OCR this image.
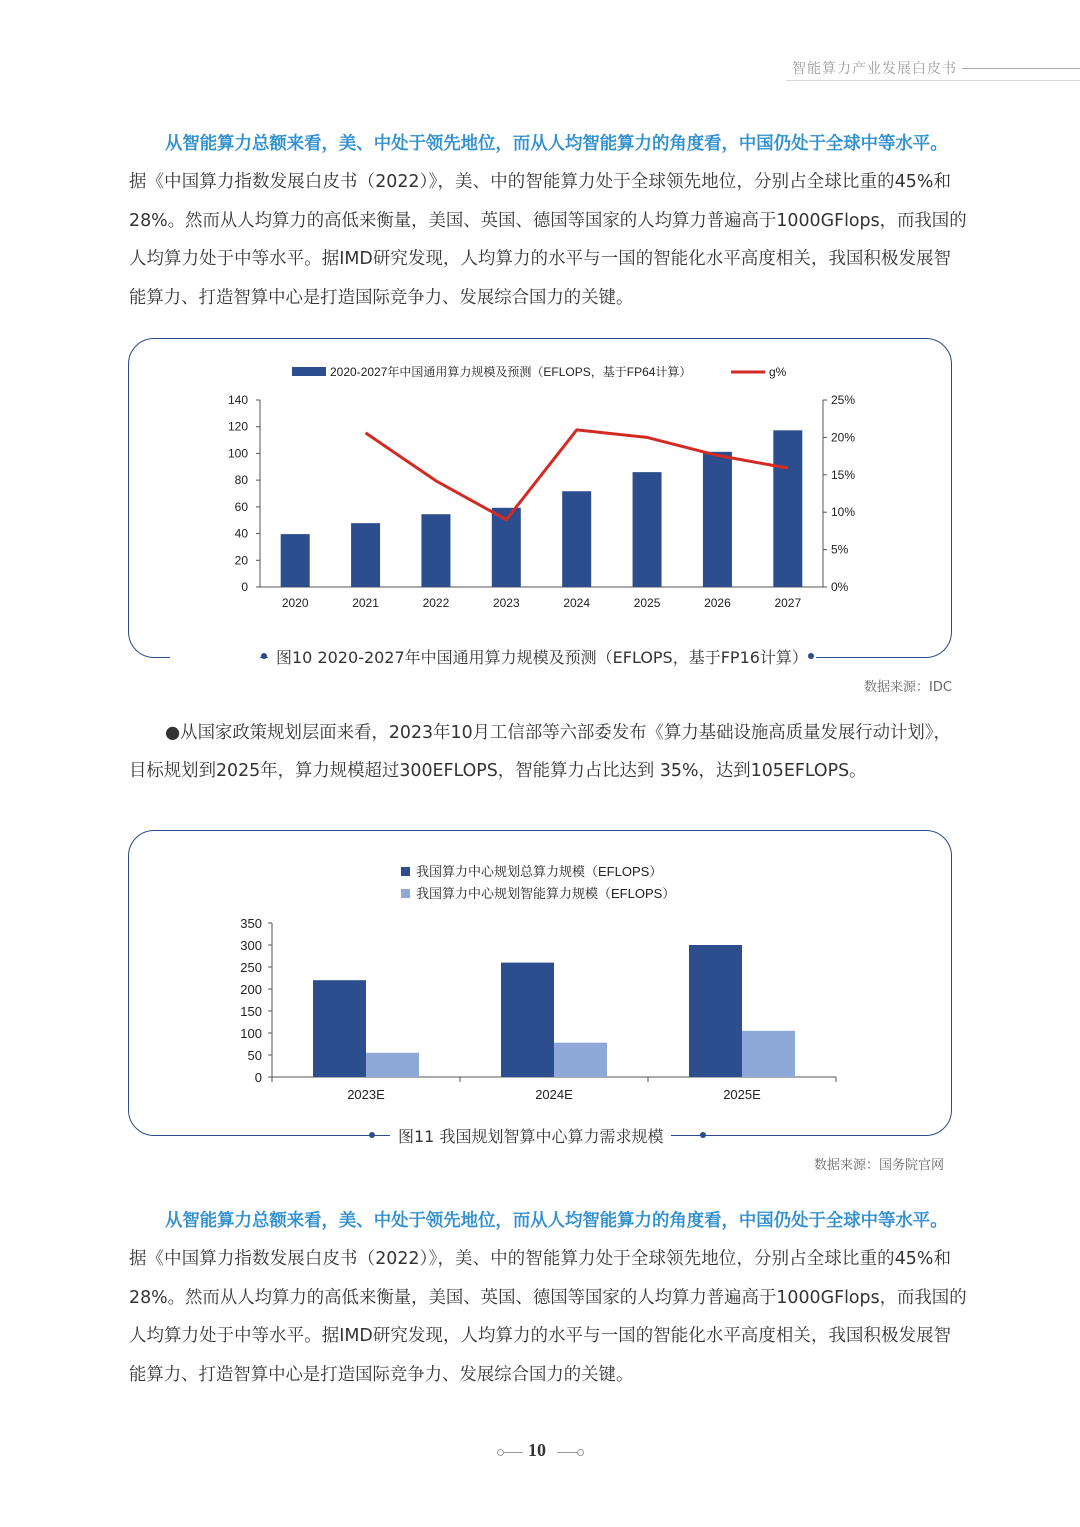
智能算力产业发展白皮书
从智能算力总额来看，美、中处于领先地位，而从人均智能算力的角度看，中国仍处于全球中等水平。
据《中国算力指数发展白皮书（2022）》，美、中的智能算力处于全球领先地位，分别占全球比重的45%和
28%。然而从人均算力的高低来衡量，美国、英国、德国等国家的人均算力普遍高于1000GFlops，而我国的
人均算力处于中等水平。据IMD研究发现，人均算力的水平与一国的智能化水平高度相关，我国积极发展智
能算力、打造智算中心是打造国际竞争力、发展综合国力的关键。
0
20
40
60
80
100
120
140
0%
5%
10%
15%
20%
25%
2020	2021	2022	2023	2024	2025	2026	2027
2020-2027年中国通用算力规模及预测（EFLOPS，基于FP64计算）	g%
图10 2020-2027年中国通用算力规模及预测（EFLOPS，基于FP16计算）
数据来源：IDC
●从国家政策规划层面来看，2023年10月工信部等六部委发布《算力基础设施高质量发展行动计划》，
目标规划到2025年，算力规模超过300EFLOPS，智能算力占比达到 35%，达到105EFLOPS。
0
50
100
150
200
250
300
350
2023E	2024E	2025E
我国算力中心规划总算力规模（EFLOPS）
我国算力中心规划智能算力规模（EFLOPS）
图11 我国规划智算中心算力需求规模
数据来源：国务院官网
从智能算力总额来看，美、中处于领先地位，而从人均智能算力的角度看，中国仍处于全球中等水平。
据《中国算力指数发展白皮书（2022）》，美、中的智能算力处于全球领先地位，分别占全球比重的45%和
28%。然而从人均算力的高低来衡量，美国、英国、德国等国家的人均算力普遍高于1000GFlops，而我国的
人均算力处于中等水平。据IMD研究发现，人均算力的水平与一国的智能化水平高度相关，我国积极发展智
能算力、打造智算中心是打造国际竞争力、发展综合国力的关键。
10
